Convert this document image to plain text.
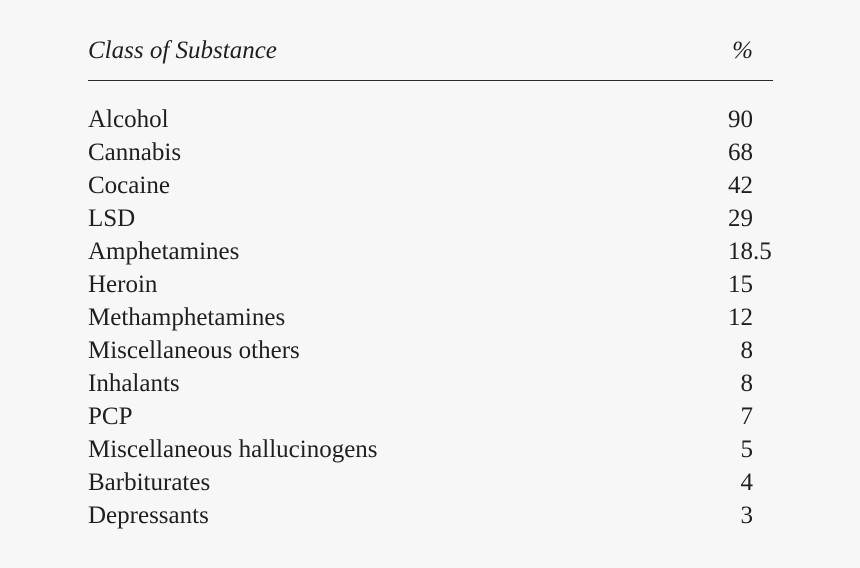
Class of Substance	%
Alcohol	90
Cannabis	68
Cocaine	42
LSD	29
Amphetamines	18.5
Heroin	15
Methamphetamines	12
Miscellaneous others	8
Inhalants	8
PCP	7
Miscellaneous hallucinogens	5
Barbiturates	4
Depressants	3
